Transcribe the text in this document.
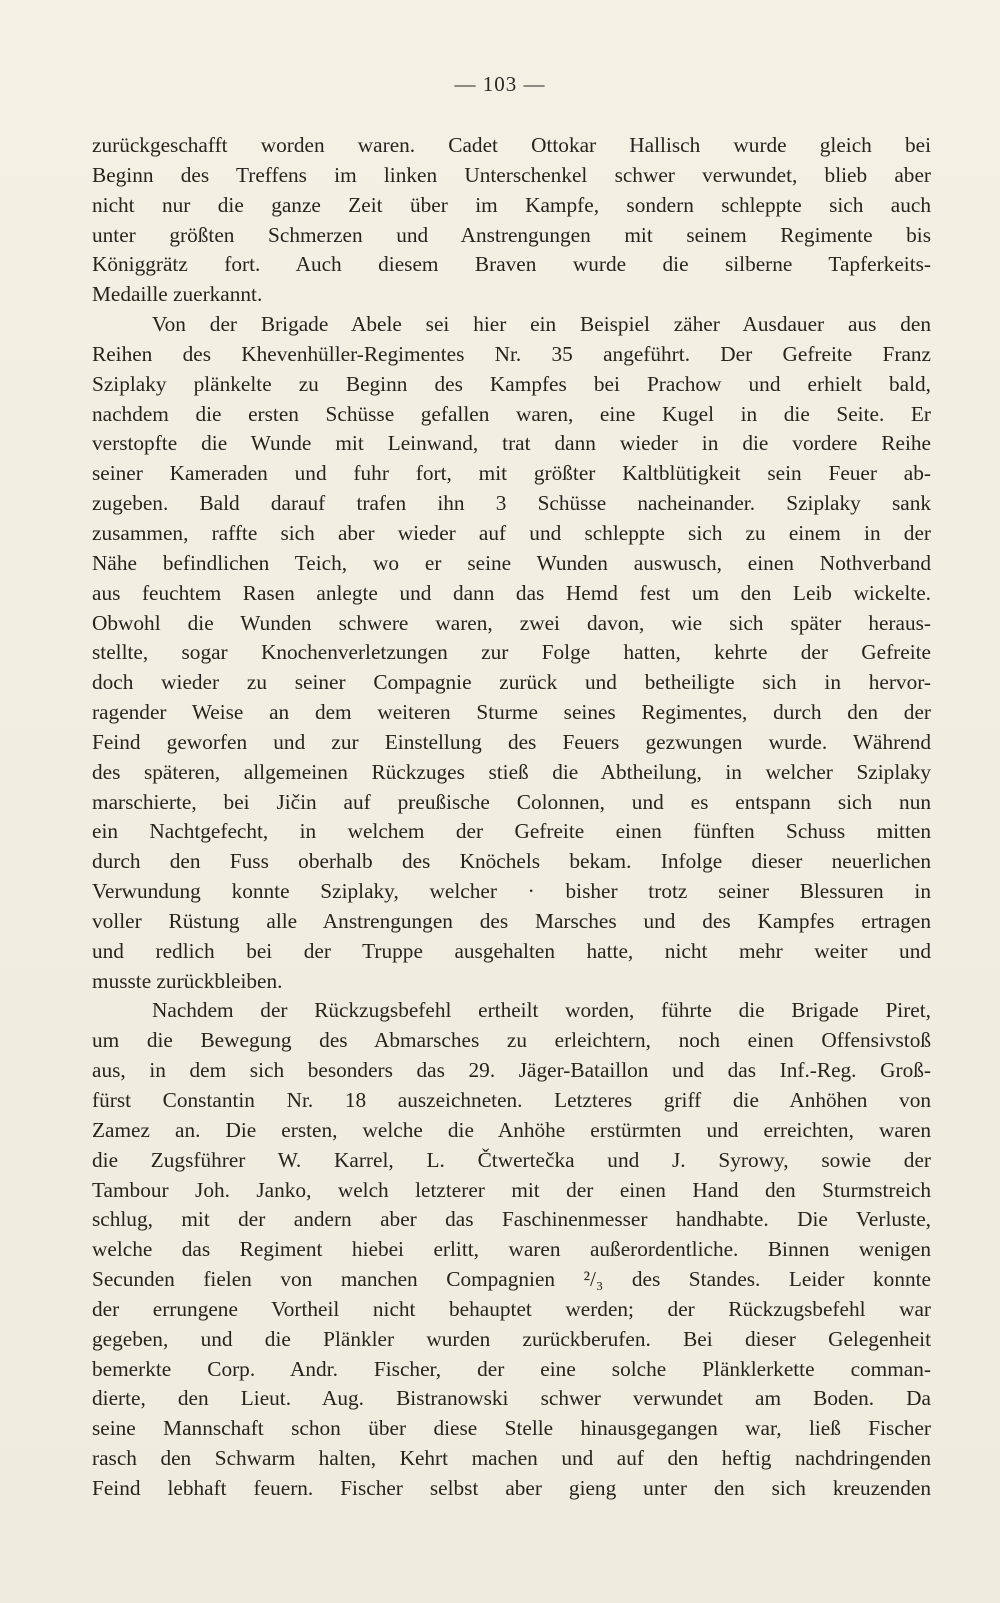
— 103 —
zurückgeschafft worden waren. Cadet Ottokar Hallisch wurde gleich bei
Beginn des Treffens im linken Unterschenkel schwer verwundet, blieb aber
nicht nur die ganze Zeit über im Kampfe, sondern schleppte sich auch
unter größten Schmerzen und Anstrengungen mit seinem Regimente bis
Königgrätz fort. Auch diesem Braven wurde die silberne Tapferkeits-
Medaille zuerkannt.
Von der Brigade Abele sei hier ein Beispiel zäher Ausdauer aus den
Reihen des Khevenhüller-Regimentes Nr. 35 angeführt. Der Gefreite Franz
Sziplaky plänkelte zu Beginn des Kampfes bei Prachow und erhielt bald,
nachdem die ersten Schüsse gefallen waren, eine Kugel in die Seite. Er
verstopfte die Wunde mit Leinwand, trat dann wieder in die vordere Reihe
seiner Kameraden und fuhr fort, mit größter Kaltblütigkeit sein Feuer ab-
zugeben. Bald darauf trafen ihn 3 Schüsse nacheinander. Sziplaky sank
zusammen, raffte sich aber wieder auf und schleppte sich zu einem in der
Nähe befindlichen Teich, wo er seine Wunden auswusch, einen Nothverband
aus feuchtem Rasen anlegte und dann das Hemd fest um den Leib wickelte.
Obwohl die Wunden schwere waren, zwei davon, wie sich später heraus-
stellte, sogar Knochenverletzungen zur Folge hatten, kehrte der Gefreite
doch wieder zu seiner Compagnie zurück und betheiligte sich in hervor-
ragender Weise an dem weiteren Sturme seines Regimentes, durch den der
Feind geworfen und zur Einstellung des Feuers gezwungen wurde. Während
des späteren, allgemeinen Rückzuges stieß die Abtheilung, in welcher Sziplaky
marschierte, bei Jičin auf preußische Colonnen, und es entspann sich nun
ein Nachtgefecht, in welchem der Gefreite einen fünften Schuss mitten
durch den Fuss oberhalb des Knöchels bekam. Infolge dieser neuerlichen
Verwundung konnte Sziplaky, welcher · bisher trotz seiner Blessuren in
voller Rüstung alle Anstrengungen des Marsches und des Kampfes ertragen
und redlich bei der Truppe ausgehalten hatte, nicht mehr weiter und
musste zurückbleiben.
Nachdem der Rückzugsbefehl ertheilt worden, führte die Brigade Piret,
um die Bewegung des Abmarsches zu erleichtern, noch einen Offensivstoß
aus, in dem sich besonders das 29. Jäger-Bataillon und das Inf.-Reg. Groß-
fürst Constantin Nr. 18 auszeichneten. Letzteres griff die Anhöhen von
Zamez an. Die ersten, welche die Anhöhe erstürmten und erreichten, waren
die Zugsführer W. Karrel, L. Čtwertečka und J. Syrowy, sowie der
Tambour Joh. Janko, welch letzterer mit der einen Hand den Sturmstreich
schlug, mit der andern aber das Faschinenmesser handhabte. Die Verluste,
welche das Regiment hiebei erlitt, waren außerordentliche. Binnen wenigen
Secunden fielen von manchen Compagnien ²/₃ des Standes. Leider konnte
der errungene Vortheil nicht behauptet werden; der Rückzugsbefehl war
gegeben, und die Plänkler wurden zurückberufen. Bei dieser Gelegenheit
bemerkte Corp. Andr. Fischer, der eine solche Plänklerkette comman-
dierte, den Lieut. Aug. Bistranowski schwer verwundet am Boden. Da
seine Mannschaft schon über diese Stelle hinausgegangen war, ließ Fischer
rasch den Schwarm halten, Kehrt machen und auf den heftig nachdringenden
Feind lebhaft feuern. Fischer selbst aber gieng unter den sich kreuzenden
